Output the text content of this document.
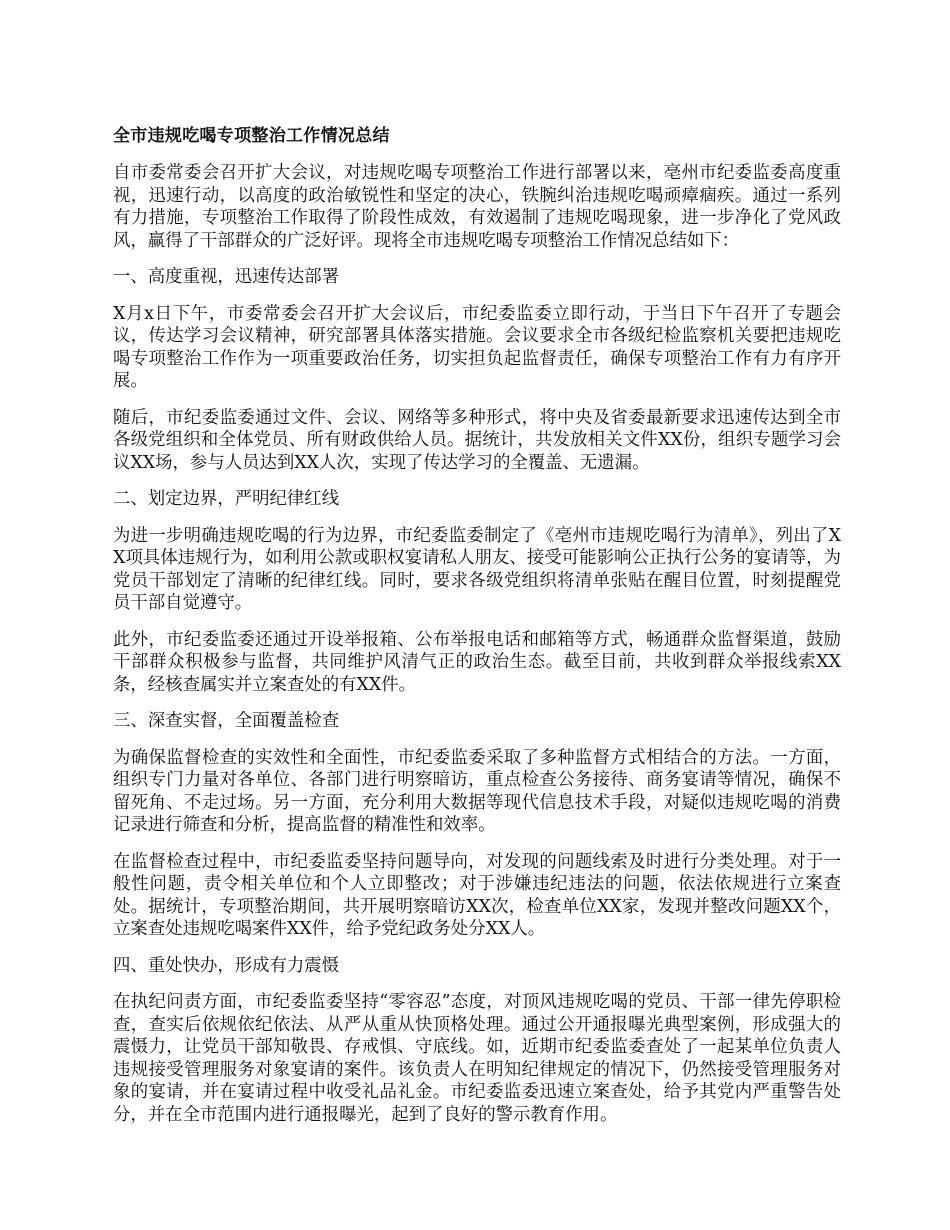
全市违规吃喝专项整治工作情况总结

自市委常委会召开扩大会议，对违规吃喝专项整治工作进行部署以来，亳州市纪委监委高度重视，迅速行动，以高度的政治敏锐性和坚定的决心，铁腕纠治违规吃喝顽瘴痼疾。通过一系列有力措施，专项整治工作取得了阶段性成效，有效遏制了违规吃喝现象，进一步净化了党风政风，赢得了干部群众的广泛好评。现将全市违规吃喝专项整治工作情况总结如下：

一、高度重视，迅速传达部署

X月x日下午，市委常委会召开扩大会议后，市纪委监委立即行动，于当日下午召开了专题会议，传达学习会议精神，研究部署具体落实措施。会议要求全市各级纪检监察机关要把违规吃喝专项整治工作作为一项重要政治任务，切实担负起监督责任，确保专项整治工作有力有序开展。

随后，市纪委监委通过文件、会议、网络等多种形式，将中央及省委最新要求迅速传达到全市各级党组织和全体党员、所有财政供给人员。据统计，共发放相关文件XX份，组织专题学习会议XX场，参与人员达到XX人次，实现了传达学习的全覆盖、无遗漏。

二、划定边界，严明纪律红线

为进一步明确违规吃喝的行为边界，市纪委监委制定了《亳州市违规吃喝行为清单》，列出了XX项具体违规行为，如利用公款或职权宴请私人朋友、接受可能影响公正执行公务的宴请等，为党员干部划定了清晰的纪律红线。同时，要求各级党组织将清单张贴在醒目位置，时刻提醒党员干部自觉遵守。

此外，市纪委监委还通过开设举报箱、公布举报电话和邮箱等方式，畅通群众监督渠道，鼓励干部群众积极参与监督，共同维护风清气正的政治生态。截至目前，共收到群众举报线索XX条，经核查属实并立案查处的有XX件。

三、深查实督，全面覆盖检查

为确保监督检查的实效性和全面性，市纪委监委采取了多种监督方式相结合的方法。一方面，组织专门力量对各单位、各部门进行明察暗访，重点检查公务接待、商务宴请等情况，确保不留死角、不走过场。另一方面，充分利用大数据等现代信息技术手段，对疑似违规吃喝的消费记录进行筛查和分析，提高监督的精准性和效率。

在监督检查过程中，市纪委监委坚持问题导向，对发现的问题线索及时进行分类处理。对于一般性问题，责令相关单位和个人立即整改；对于涉嫌违纪违法的问题，依法依规进行立案查处。据统计，专项整治期间，共开展明察暗访XX次，检查单位XX家，发现并整改问题XX个，立案查处违规吃喝案件XX件，给予党纪政务处分XX人。

四、重处快办，形成有力震慑

在执纪问责方面，市纪委监委坚持“零容忍”态度，对顶风违规吃喝的党员、干部一律先停职检查，查实后依规依纪依法、从严从重从快顶格处理。通过公开通报曝光典型案例，形成强大的震慑力，让党员干部知敬畏、存戒惧、守底线。如，近期市纪委监委查处了一起某单位负责人违规接受管理服务对象宴请的案件。该负责人在明知纪律规定的情况下，仍然接受管理服务对象的宴请，并在宴请过程中收受礼品礼金。市纪委监委迅速立案查处，给予其党内严重警告处分，并在全市范围内进行通报曝光，起到了良好的警示教育作用。
